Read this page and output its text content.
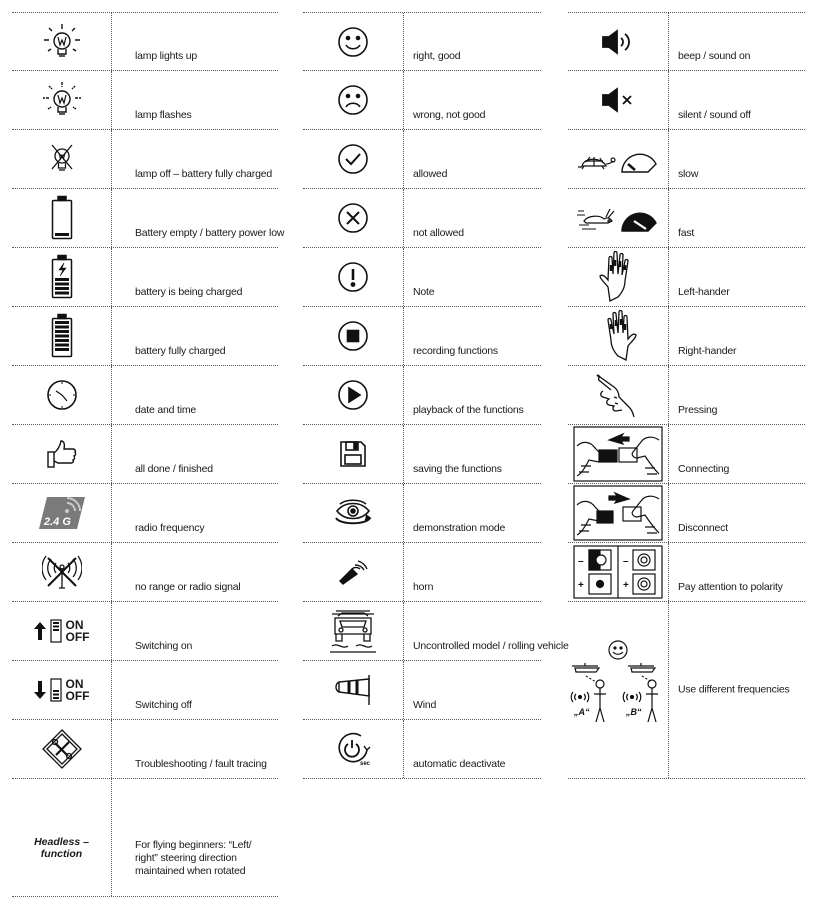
lamp lights up
lamp flashes
lamp off – battery fully charged
Battery empty / battery power low
battery is being charged
battery fully charged
date and time
all done / finished
2.4 G	radio frequency
no range or radio signal
ON
OFF
Switching on
ON
OFF
Switching off
Troubleshooting / fault tracing
Headless – function
For flying beginners: “Left/
right” steering direction
maintained when rotated
right, good
wrong, not good
allowed
not allowed
Note
recording functions
playback of the functions
saving the functions
demonstration mode
horn
Uncontrolled model / rolling vehicle
Wind
sec	automatic deactivate
beep / sound on
silent / sound off
slow
fast
Left-hander
Right-hander
Pressing
Connecting
Disconnect
–
+
–
+	Pay attention to polarity
„A“	„B“
Use different frequencies
